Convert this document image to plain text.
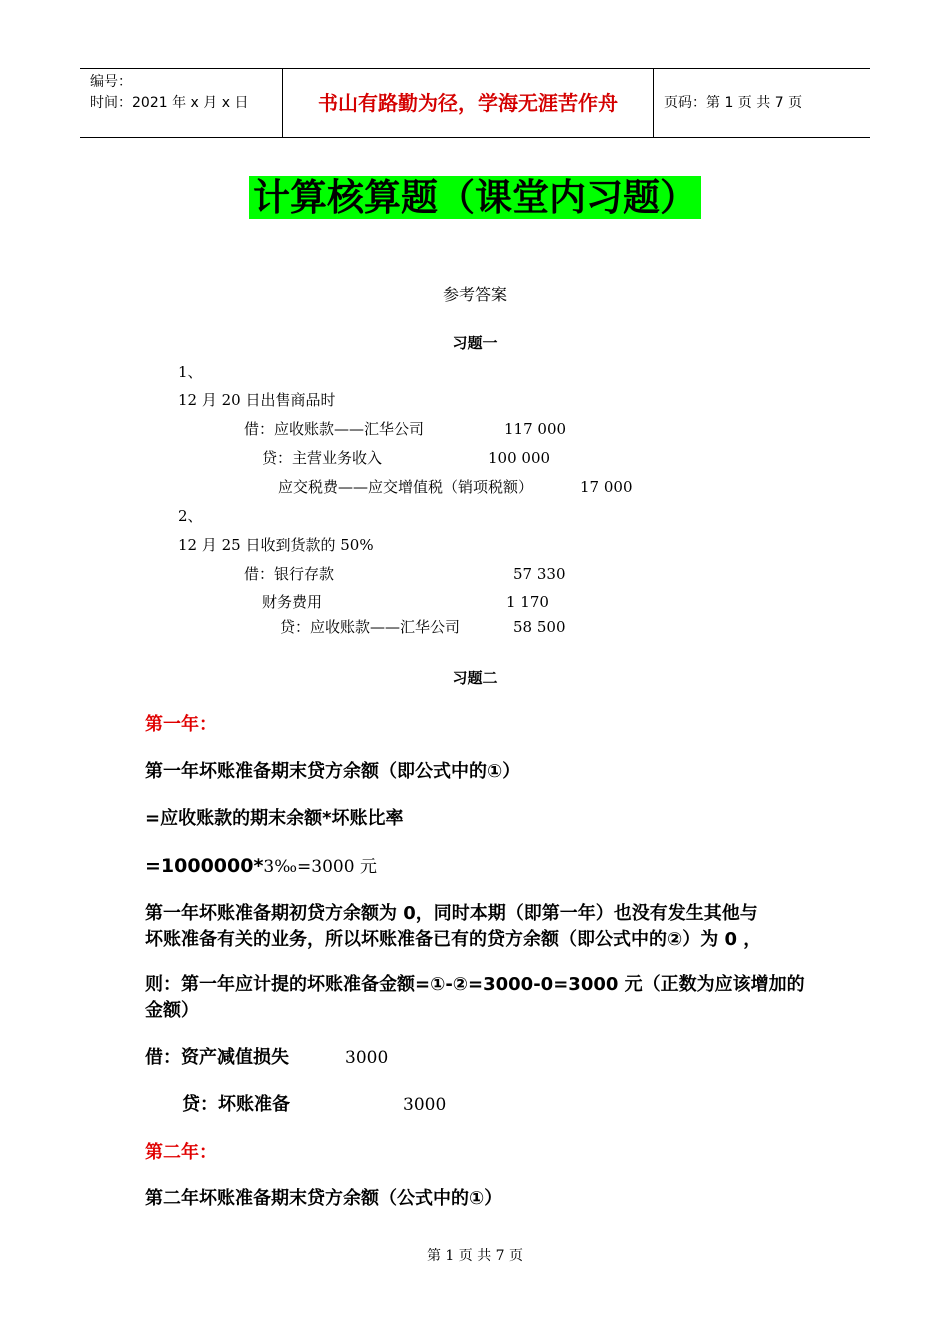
编号：
时间：2021 年 x 月 x 日	书山有路勤为径，学海无涯苦作舟	页码：第 1 页 共 7 页
计算核算题（课堂内习题）
参考答案
习题一
1、
12 月 20 日出售商品时
借：应收账款——汇华公司	117 000
贷：主营业务收入	100 000
应交税费——应交增值税（销项税额）	17 000
2、
12 月 25 日收到货款的 50%
借：银行存款	57 330
财务费用	1 170
贷：应收账款——汇华公司	58 500
习题二
第一年：
第一年坏账准备期末贷方余额（即公式中的①）
=应收账款的期末余额*坏账比率
=1000000*3‰=3000 元
第一年坏账准备期初贷方余额为 0，同时本期（即第一年）也没有发生其他与
坏账准备有关的业务，所以坏账准备已有的贷方余额（即公式中的②）为 0 ，
则：第一年应计提的坏账准备金额=①-②=3000-0=3000 元（正数为应该增加的
金额）
借：资产减值损失	3000
贷：坏账准备	3000
第二年：
第二年坏账准备期末贷方余额（公式中的①）
第 1 页 共 7 页
